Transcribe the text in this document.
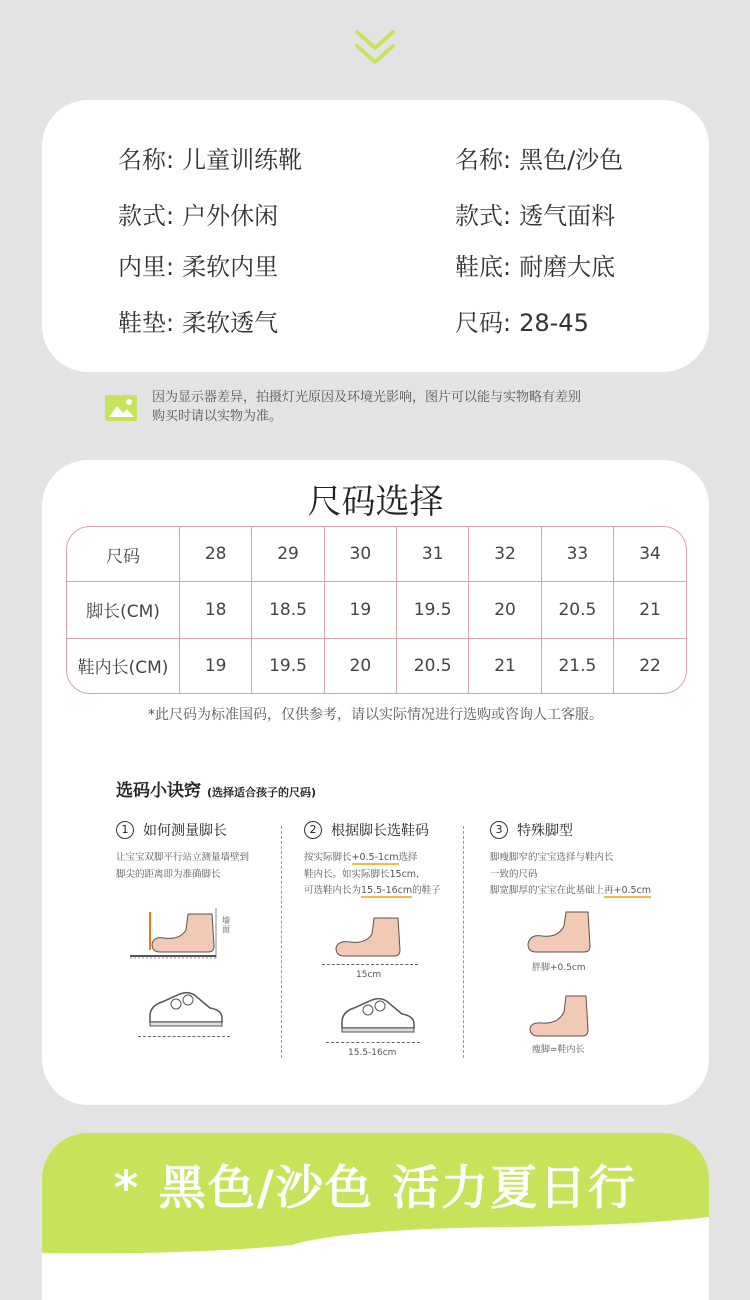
名称: 儿童训练靴	名称: 黑色/沙色
款式: 户外休闲	款式: 透气面料
内里: 柔软内里	鞋底: 耐磨大底
鞋垫: 柔软透气	尺码: 28-45
因为显示器差异，拍摄灯光原因及环境光影响，图片可以能与实物略有差别
购买时请以实物为准。
尺码选择
尺码	28	29	30	31	32	33	34
脚长(CM)	18	18.5	19	19.5	20	20.5	21
鞋内长(CM)	19	19.5	20	20.5	21	21.5	22
*此尺码为标准国码，仅供参考，请以实际情况进行选购或咨询人工客服。
选码小诀窍 (选择适合孩子的尺码)
1	如何测量脚长
让宝宝双脚平行站立测量墙壁到
脚尖的距离即为准确脚长
墙面
2	根据脚长选鞋码
按实际脚长+0.5-1cm选择
鞋内长。如实际脚长15cm,
可选鞋内长为15.5-16cm的鞋子
15cm
15.5-16cm
3	特殊脚型
脚瘦脚窄的宝宝选择与鞋内长
一致的尺码
脚宽脚厚的宝宝在此基础上再+0.5cm
胖脚+0.5cm
瘦脚=鞋内长
* 黑色/沙色 活力夏日行
